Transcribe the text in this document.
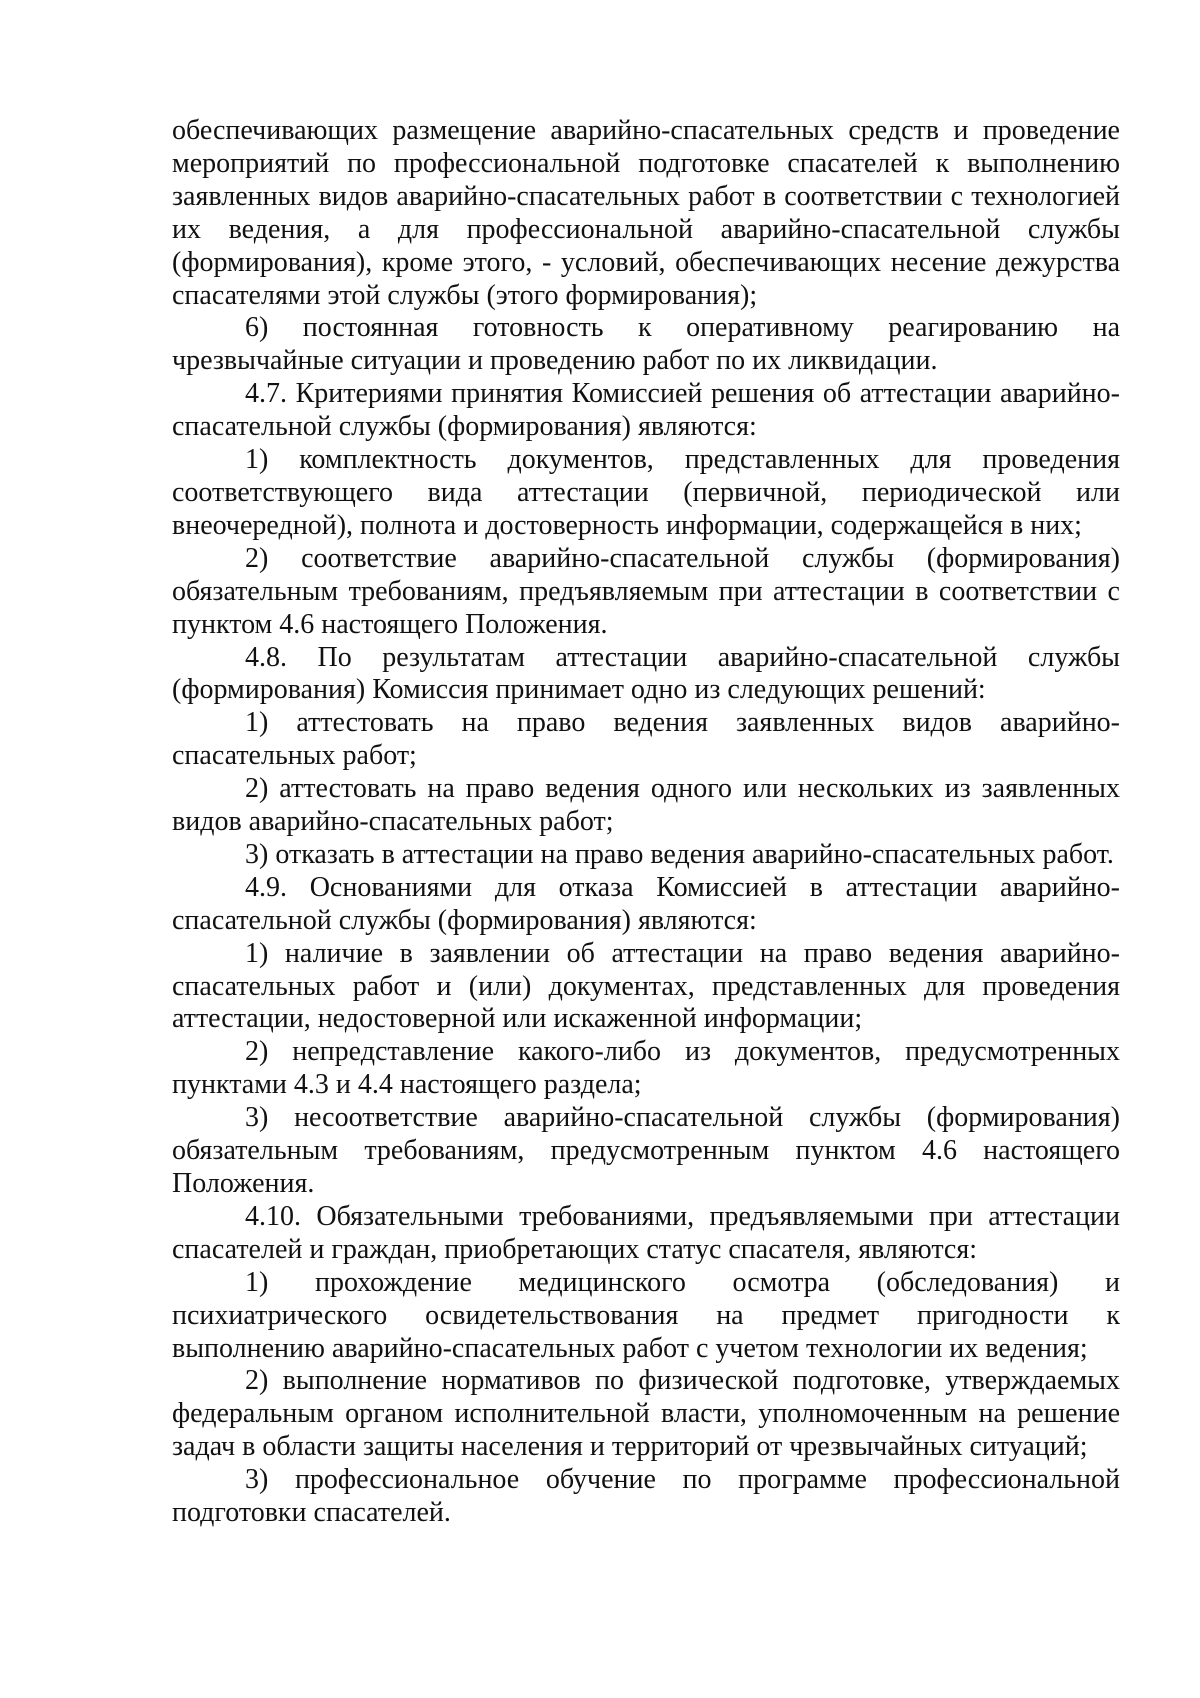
обеспечивающих размещение аварийно-спасательных средств и проведение мероприятий по профессиональной подготовке спасателей к выполнению заявленных видов аварийно-спасательных работ в соответствии с технологией их ведения, а для профессиональной аварийно-спасательной службы (формирования), кроме этого, - условий, обеспечивающих несение дежурства спасателями этой службы (этого формирования);

6) постоянная готовность к оперативному реагированию на чрезвычайные ситуации и проведению работ по их ликвидации.

4.7. Критериями принятия Комиссией решения об аттестации аварийно-спасательной службы (формирования) являются:

1) комплектность документов, представленных для проведения соответствующего вида аттестации (первичной, периодической или внеочередной), полнота и достоверность информации, содержащейся в них;

2) соответствие аварийно-спасательной службы (формирования) обязательным требованиям, предъявляемым при аттестации в соответствии с пунктом 4.6 настоящего Положения.

4.8. По результатам аттестации аварийно-спасательной службы (формирования) Комиссия принимает одно из следующих решений:

1) аттестовать на право ведения заявленных видов аварийно-спасательных работ;

2) аттестовать на право ведения одного или нескольких из заявленных видов аварийно-спасательных работ;

3) отказать в аттестации на право ведения аварийно-спасательных работ.

4.9. Основаниями для отказа Комиссией в аттестации аварийно-спасательной службы (формирования) являются:

1) наличие в заявлении об аттестации на право ведения аварийно-спасательных работ и (или) документах, представленных для проведения аттестации, недостоверной или искаженной информации;

2) непредставление какого-либо из документов, предусмотренных пунктами 4.3 и 4.4 настоящего раздела;

3) несоответствие аварийно-спасательной службы (формирования) обязательным требованиям, предусмотренным пунктом 4.6 настоящего Положения.

4.10. Обязательными требованиями, предъявляемыми при аттестации спасателей и граждан, приобретающих статус спасателя, являются:

1) прохождение медицинского осмотра (обследования) и психиатрического освидетельствования на предмет пригодности к выполнению аварийно-спасательных работ с учетом технологии их ведения;

2) выполнение нормативов по физической подготовке, утверждаемых федеральным органом исполнительной власти, уполномоченным на решение задач в области защиты населения и территорий от чрезвычайных ситуаций;

3) профессиональное обучение по программе профессиональной подготовки спасателей.
